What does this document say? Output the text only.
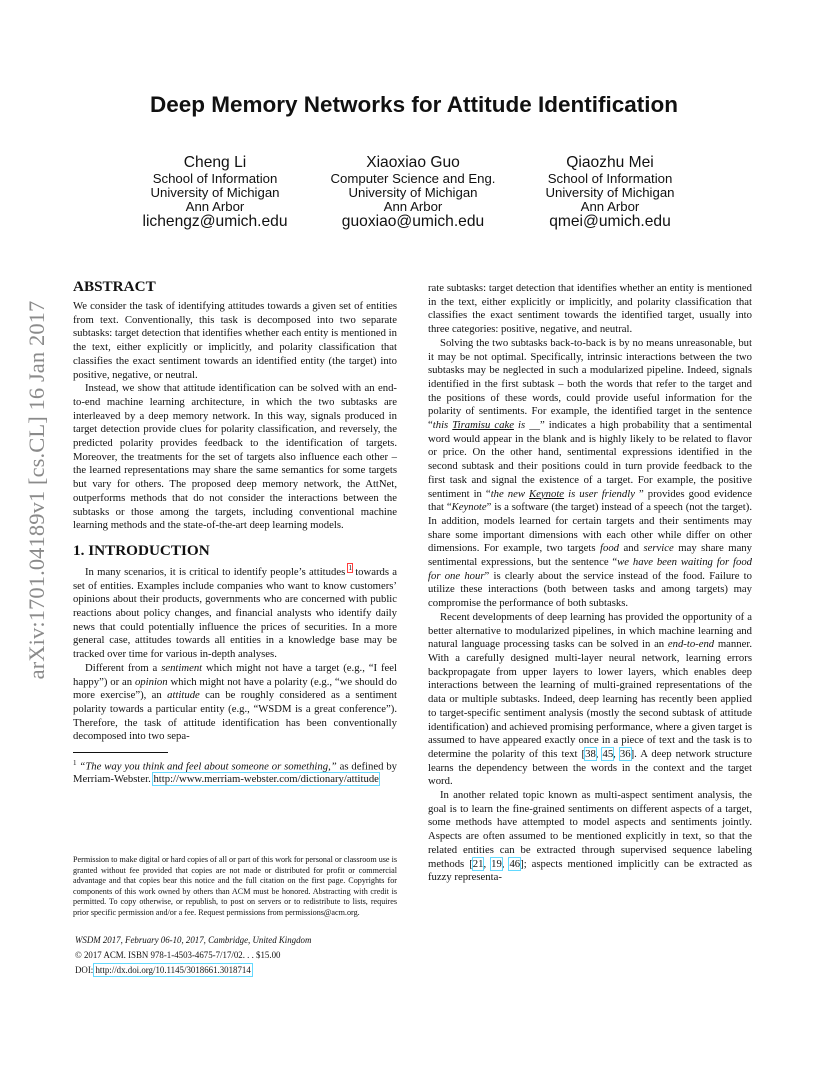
arXiv:1701.04189v1 [cs.CL] 16 Jan 2017
Deep Memory Networks for Attitude Identification
Cheng Li
School of Information
University of Michigan
Ann Arbor
lichengz@umich.edu
Xiaoxiao Guo
Computer Science and Eng.
University of Michigan
Ann Arbor
guoxiao@umich.edu
Qiaozhu Mei
School of Information
University of Michigan
Ann Arbor
qmei@umich.edu
ABSTRACT

We consider the task of identifying attitudes towards a given set of entities from text. Conventionally, this task is decomposed into two separate subtasks: target detection that identifies whether each entity is mentioned in the text, either explicitly or implicitly, and polarity classification that classifies the exact sentiment towards an identified entity (the target) into positive, negative, or neutral.

Instead, we show that attitude identification can be solved with an end-to-end machine learning architecture, in which the two subtasks are interleaved by a deep memory network. In this way, signals produced in target detection provide clues for polarity classification, and reversely, the predicted polarity provides feedback to the identification of targets. Moreover, the treatments for the set of targets also influence each other – the learned representations may share the same semantics for some targets but vary for others. The proposed deep memory network, the AttNet, outperforms methods that do not consider the interactions between the subtasks or those among the targets, including conventional machine learning methods and the state-of-the-art deep learning models.

1. INTRODUCTION

In many scenarios, it is critical to identify people’s attitudes $^1$ towards a set of entities. Examples include companies who want to know customers’ opinions about their products, governments who are concerned with public reactions about policy changes, and financial analysts who identify daily news that could potentially influence the prices of securities. In a more general case, attitudes towards all entities in a knowledge base may be tracked over time for various in-depth analyses.

Different from a sentiment which might not have a target (e.g., “I feel happy”) or an opinion which might not have a polarity (e.g., “we should do more exercise”), an attitude can be roughly considered as a sentiment polarity towards a particular entity (e.g., “WSDM is a great conference”). Therefore, the task of attitude identification has been conventionally decomposed into two sepa-

$^1$ “The way you think and feel about someone or something,” as defined by Merriam-Webster. http://www.merriam-webster.com/dictionary/attitude

Permission to make digital or hard copies of all or part of this work for personal or classroom use is granted without fee provided that copies are not made or distributed for profit or commercial advantage and that copies bear this notice and the full citation on the first page. Copyrights for components of this work owned by others than ACM must be honored. Abstracting with credit is permitted. To copy otherwise, or republish, to post on servers or to redistribute to lists, requires prior specific permission and/or a fee. Request permissions from permissions@acm.org.

WSDM 2017, February 06-10, 2017, Cambridge, United Kingdom
© 2017 ACM. ISBN 978-1-4503-4675-7/17/02. . . $15.00
DOI: http://dx.doi.org/10.1145/3018661.3018714

rate subtasks: target detection that identifies whether an entity is mentioned in the text, either explicitly or implicitly, and polarity classification that classifies the exact sentiment towards the identified target, usually into three categories: positive, negative, and neutral.

Solving the two subtasks back-to-back is by no means unreasonable, but it may be not optimal. Specifically, intrinsic interactions between the two subtasks may be neglected in such a modularized pipeline. Indeed, signals identified in the first subtask – both the words that refer to the target and the positions of these words, could provide useful information for the polarity of sentiments. For example, the identified target in the sentence “this Tiramisu cake is __” indicates a high probability that a sentimental word would appear in the blank and is highly likely to be related to flavor or price. On the other hand, sentimental expressions identified in the second subtask and their positions could in turn provide feedback to the first task and signal the existence of a target. For example, the positive sentiment in “the new Keynote is user friendly ” provides good evidence that “Keynote” is a software (the target) instead of a speech (not the target). In addition, models learned for certain targets and their sentiments may share some important dimensions with each other while differ on other dimensions. For example, two targets food and service may share many sentimental expressions, but the sentence “we have been waiting for food for one hour” is clearly about the service instead of the food. Failure to utilize these interactions (both between tasks and among targets) may compromise the performance of both subtasks.

Recent developments of deep learning has provided the opportunity of a better alternative to modularized pipelines, in which machine learning and natural language processing tasks can be solved in an end-to-end manner. With a carefully designed multi-layer neural network, learning errors backpropagate from upper layers to lower layers, which enables deep interactions between the learning of multi-grained representations of the data or multiple subtasks. Indeed, deep learning has recently been applied to target-specific sentiment analysis (mostly the second subtask of attitude identification) and achieved promising performance, where a given target is assumed to have appeared exactly once in a piece of text and the task is to determine the polarity of this text [38, 45, 36]. A deep network structure learns the dependency between the words in the context and the target word.

In another related topic known as multi-aspect sentiment analysis, the goal is to learn the fine-grained sentiments on different aspects of a target, some methods have attempted to model aspects and sentiments jointly. Aspects are often assumed to be mentioned explicitly in text, so that the related entities can be extracted through supervised sequence labeling methods [21, 19, 46]; aspects mentioned implicitly can be extracted as fuzzy representa-
